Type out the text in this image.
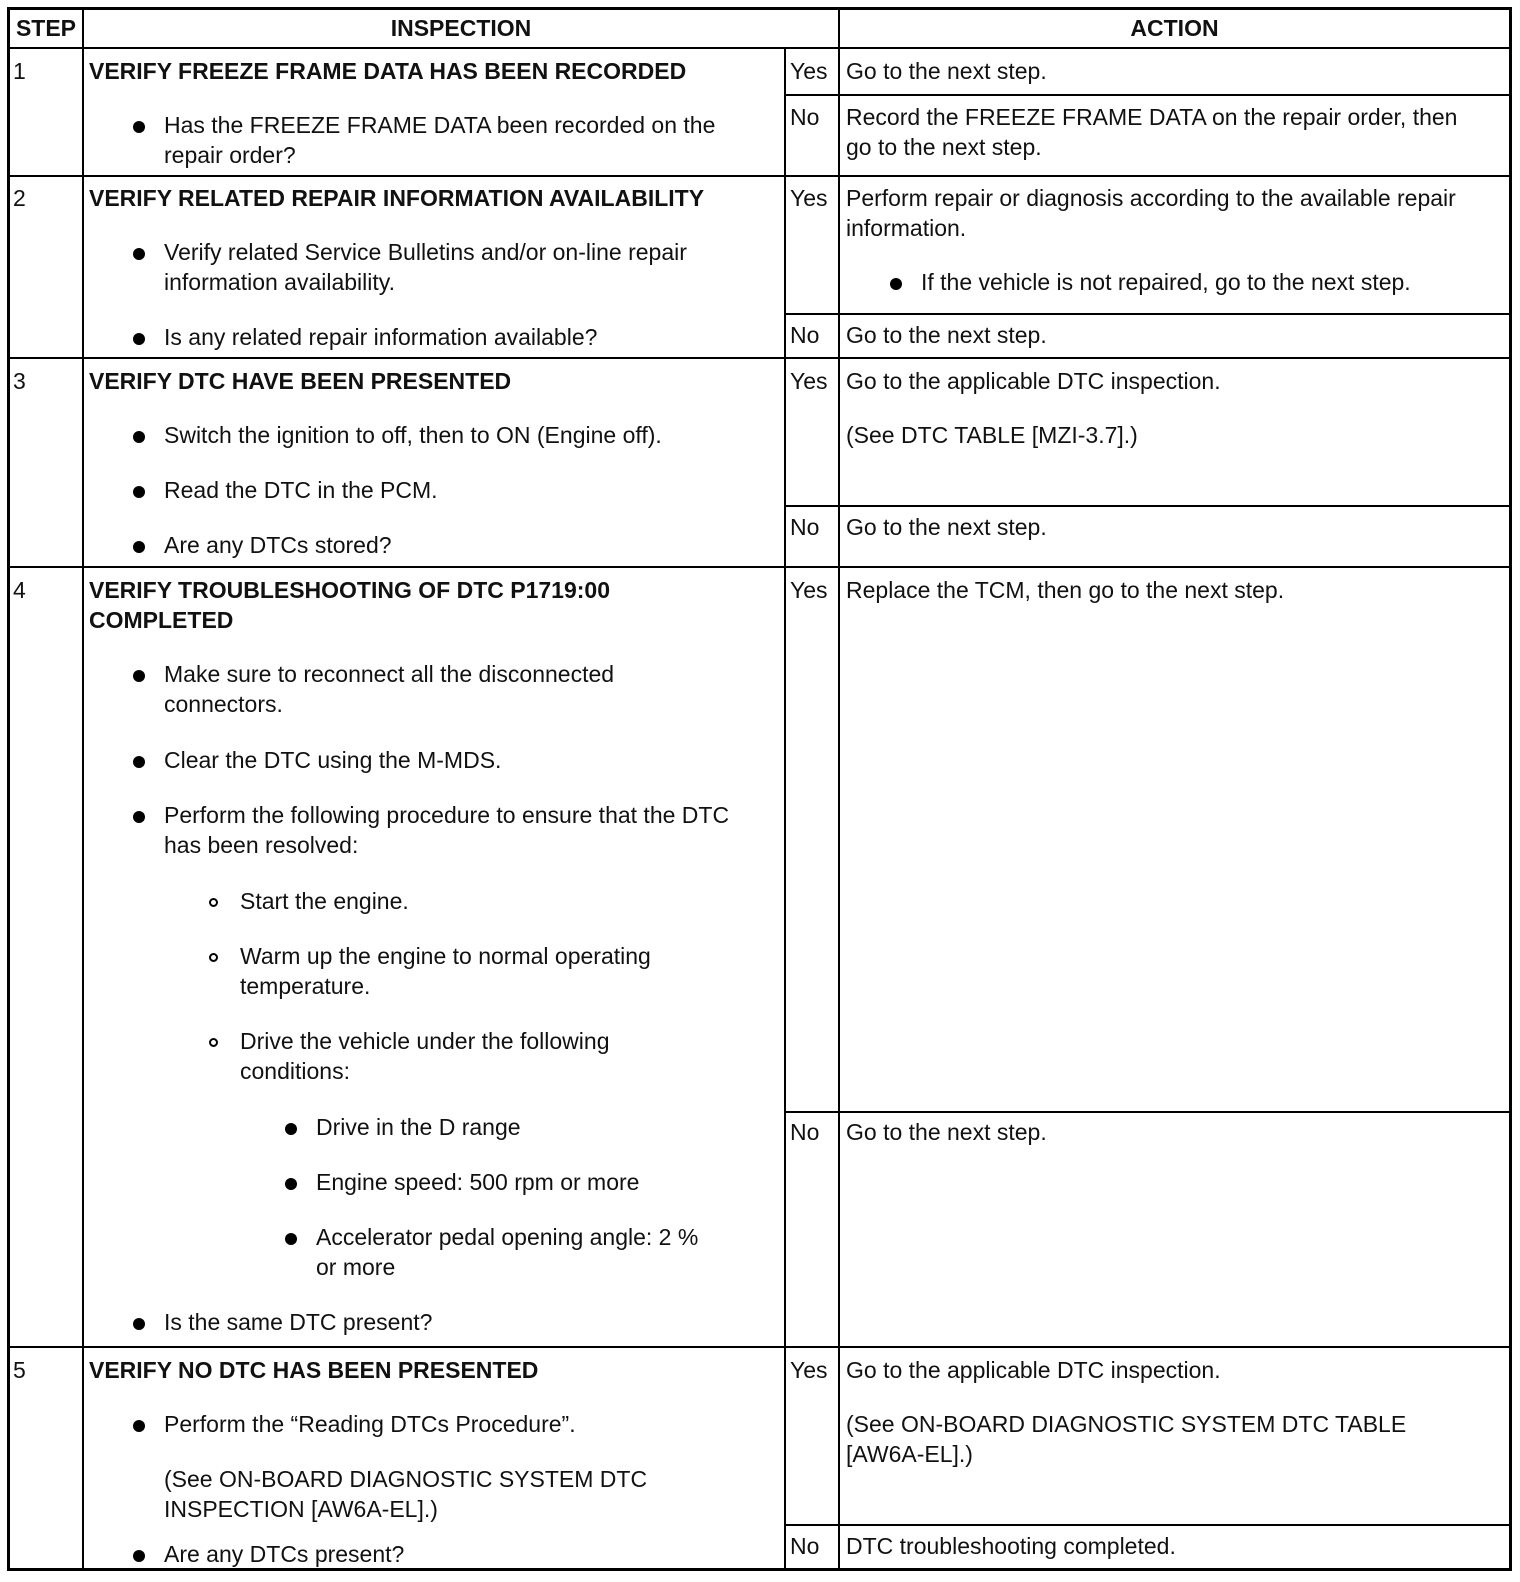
STEP	INSPECTION	ACTION
1	VERIFY FREEZE FRAME DATA HAS BEEN RECORDED
Has the FREEZE FRAME DATA been recorded on the repair order?
Yes Go to the next step.
No Record the FREEZE FRAME DATA on the repair order, then go to the next step.
2	VERIFY RELATED REPAIR INFORMATION AVAILABILITY
Verify related Service Bulletins and/or on-line repair information availability.
Is any related repair information available?
Yes Perform repair or diagnosis according to the available repair information.
If the vehicle is not repaired, go to the next step.
No Go to the next step.
3	VERIFY DTC HAVE BEEN PRESENTED
Switch the ignition to off, then to ON (Engine off).
Read the DTC in the PCM.
Are any DTCs stored?
Yes Go to the applicable DTC inspection.
(See DTC TABLE [MZI-3.7].)
No Go to the next step.
4	VERIFY TROUBLESHOOTING OF DTC P1719:00 COMPLETED
Make sure to reconnect all the disconnected connectors.
Clear the DTC using the M-MDS.
Perform the following procedure to ensure that the DTC has been resolved:
Start the engine.
Warm up the engine to normal operating temperature.
Drive the vehicle under the following conditions:
Drive in the D range
Engine speed: 500 rpm or more
Accelerator pedal opening angle: 2 % or more
Is the same DTC present?
Yes Replace the TCM, then go to the next step.
No Go to the next step.
5	VERIFY NO DTC HAS BEEN PRESENTED
Perform the “Reading DTCs Procedure”.
(See ON-BOARD DIAGNOSTIC SYSTEM DTC INSPECTION [AW6A-EL].)
Are any DTCs present?
Yes Go to the applicable DTC inspection.
(See ON-BOARD DIAGNOSTIC SYSTEM DTC TABLE [AW6A-EL].)
No DTC troubleshooting completed.
